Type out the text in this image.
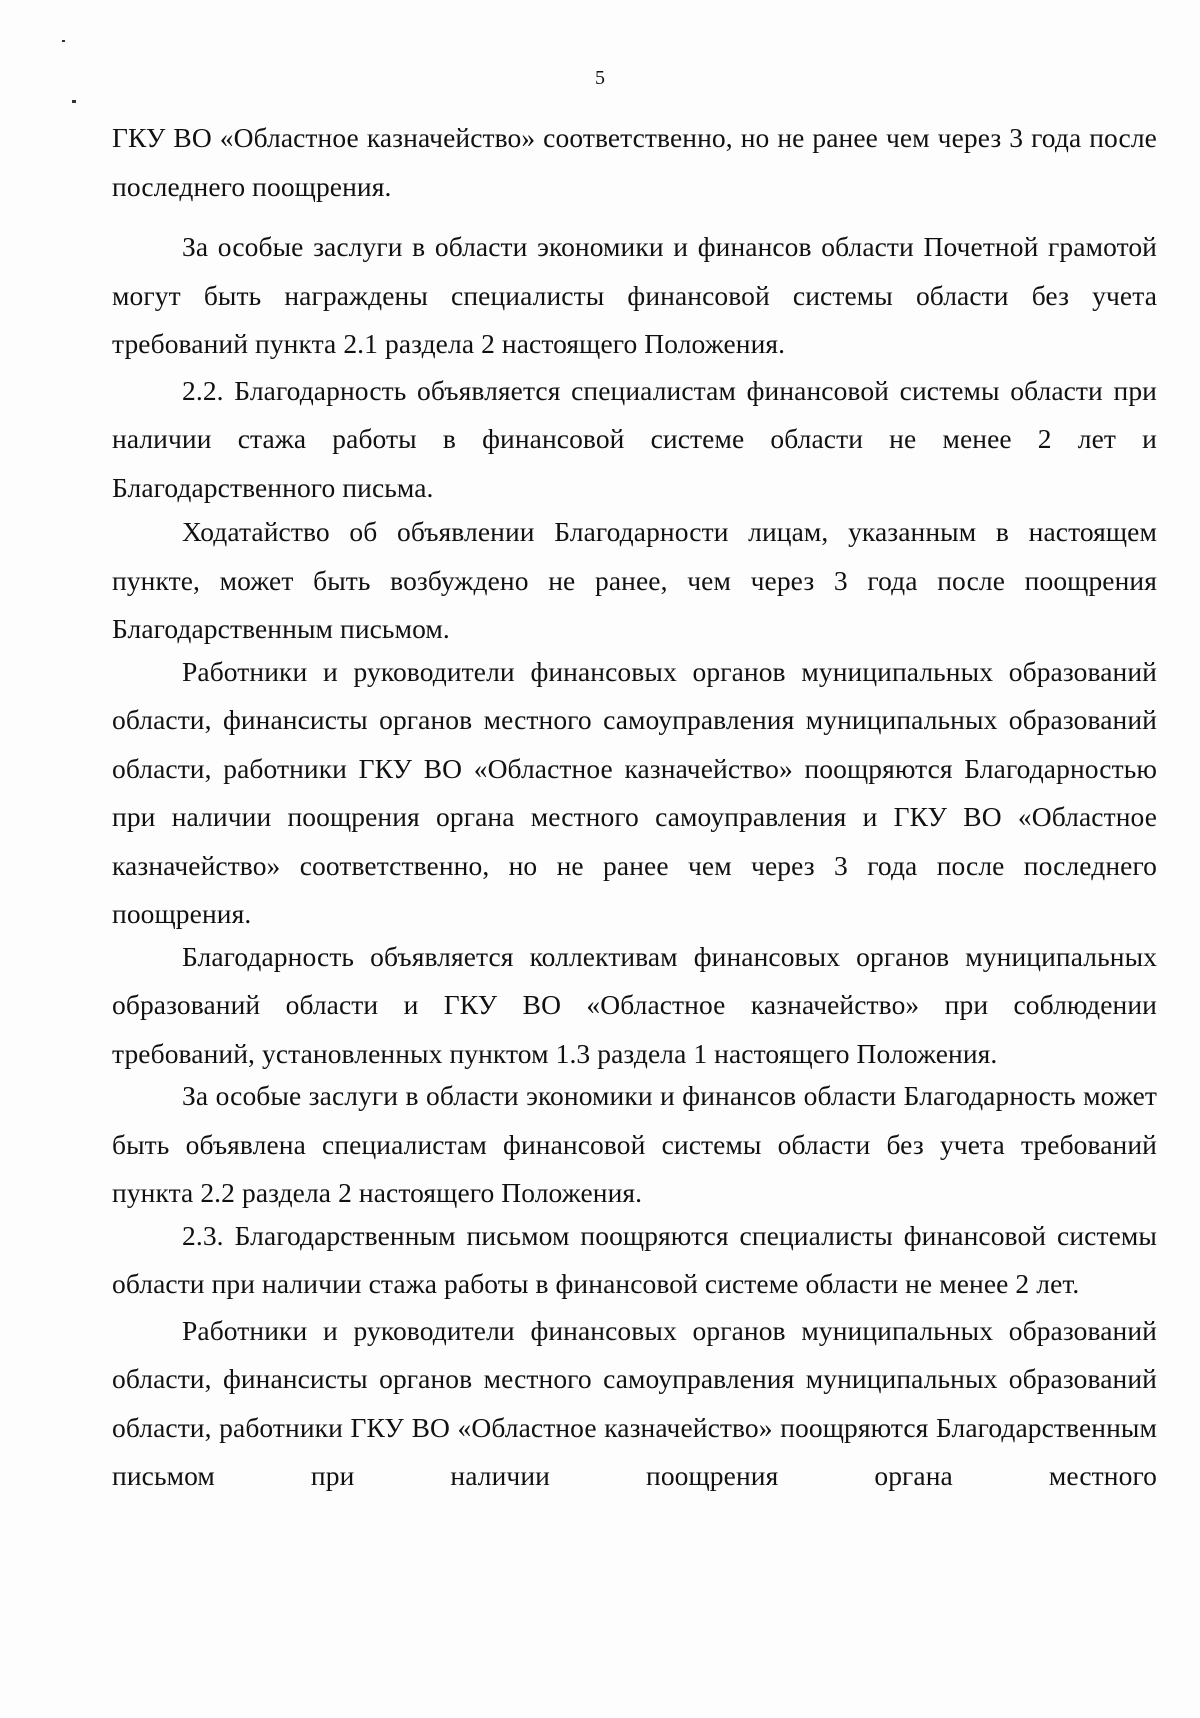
5

ГКУ ВО «Областное казначейство» соответственно, но не ранее чем через 3 года после последнего поощрения.

За особые заслуги в области экономики и финансов области Почетной грамотой могут быть награждены специалисты финансовой системы области без учета требований пункта 2.1 раздела 2 настоящего Положения.

2.2. Благодарность объявляется специалистам финансовой системы области при наличии стажа работы в финансовой системе области не менее 2 лет и Благодарственного письма.

Ходатайство об объявлении Благодарности лицам, указанным в настоящем пункте, может быть возбуждено не ранее, чем через 3 года после поощрения Благодарственным письмом.

Работники и руководители финансовых органов муниципальных образований области, финансисты органов местного самоуправления муниципальных образований области, работники ГКУ ВО «Областное казначейство» поощряются Благодарностью при наличии поощрения органа местного самоуправления и ГКУ ВО «Областное казначейство» соответственно, но не ранее чем через 3 года после последнего поощрения.

Благодарность объявляется коллективам финансовых органов муниципальных образований области и ГКУ ВО «Областное казначейство» при соблюдении требований, установленных пунктом 1.3 раздела 1 настоящего Положения.

За особые заслуги в области экономики и финансов области Благодарность может быть объявлена специалистам финансовой системы области без учета требований пункта 2.2 раздела 2 настоящего Положения.

2.3. Благодарственным письмом поощряются специалисты финансовой системы области при наличии стажа работы в финансовой системе области не менее 2 лет.

Работники и руководители финансовых органов муниципальных образований области, финансисты органов местного самоуправления муниципальных образований области, работники ГКУ ВО «Областное казначейство» поощряются Благодарственным письмом при наличии поощрения органа местного
